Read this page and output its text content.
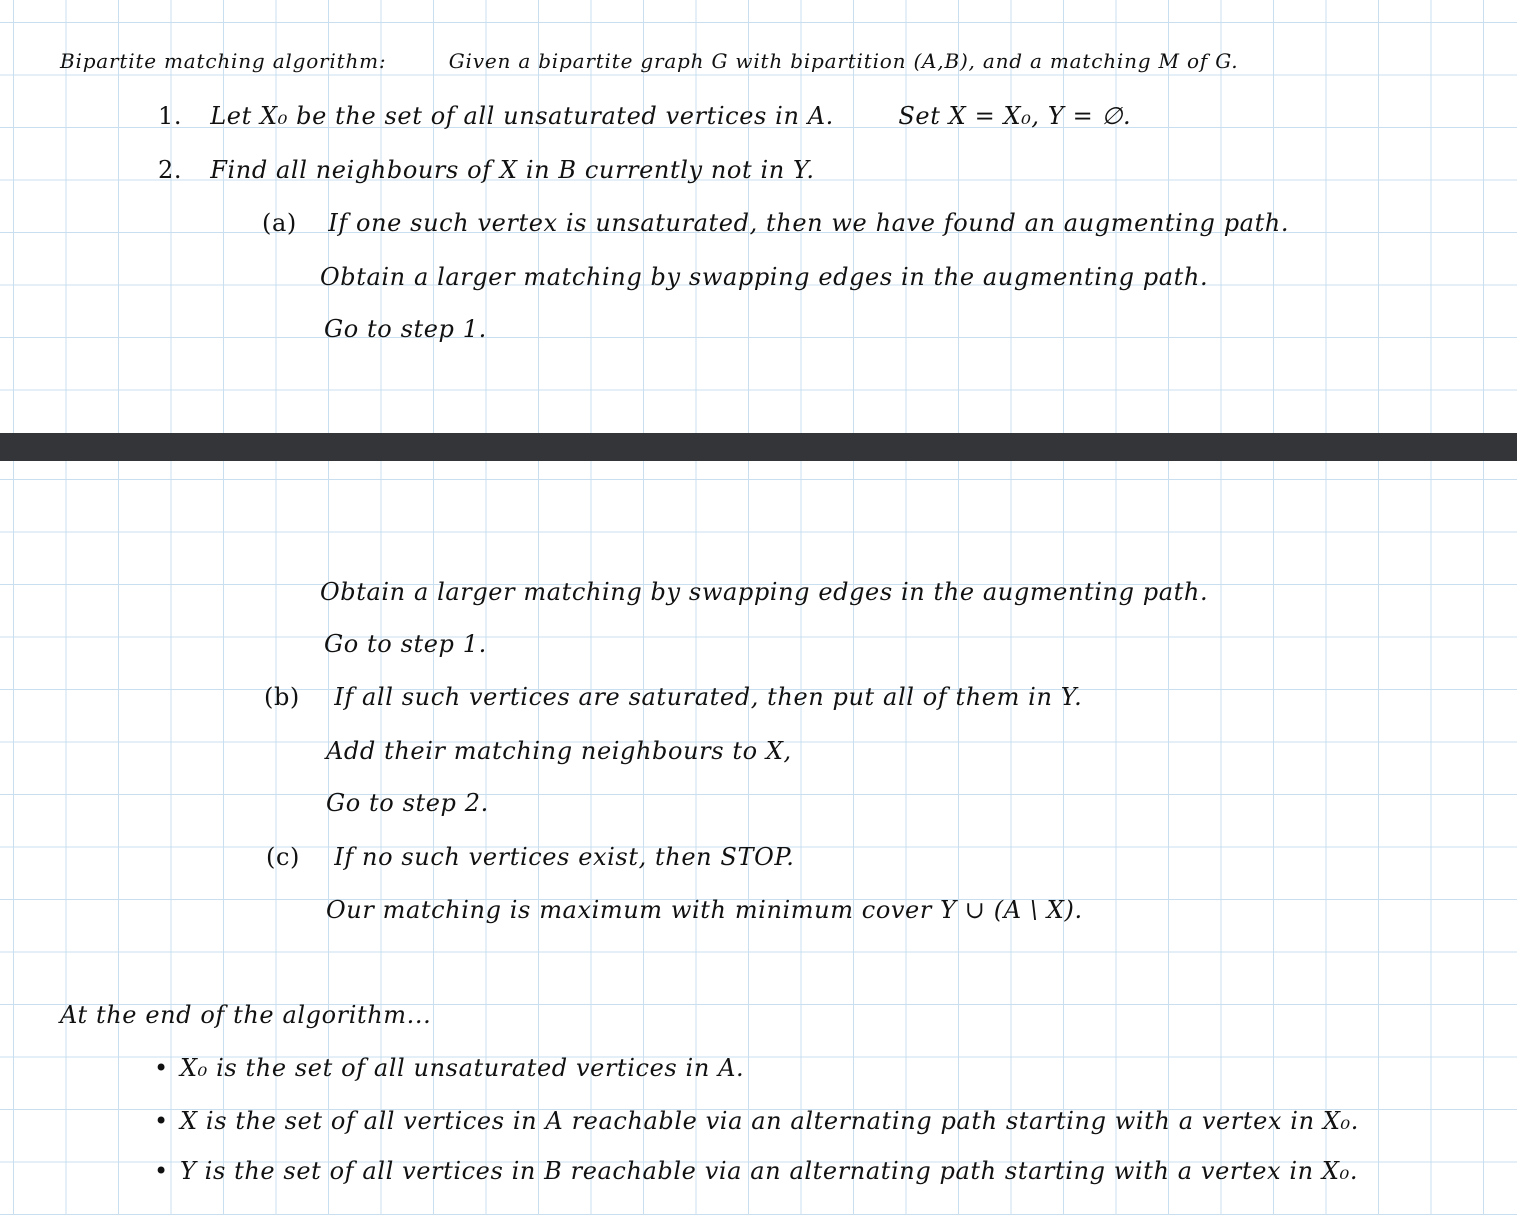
Bipartite matching algorithm:	Given a bipartite graph G with bipartition (A,B), and a matching M of G.
1. Let X₀ be the set of all unsaturated vertices in A.	Set X = X₀, Y = ∅.
2. Find all neighbours of X in B currently not in Y.
(a) If one such vertex is unsaturated, then we have found an augmenting path.
Obtain a larger matching by swapping edges in the augmenting path.
Go to step 1.
Obtain a larger matching by swapping edges in the augmenting path.
Go to step 1.
(b) If all such vertices are saturated, then put all of them in Y.
Add their matching neighbours to X,
Go to step 2.
(c) If no such vertices exist, then STOP.
Our matching is maximum with minimum cover Y ∪ (A \ X).
At the end of the algorithm...
• X₀ is the set of all unsaturated vertices in A.
• X is the set of all vertices in A reachable via an alternating path starting with a vertex in X₀.
• Y is the set of all vertices in B reachable via an alternating path starting with a vertex in X₀.
